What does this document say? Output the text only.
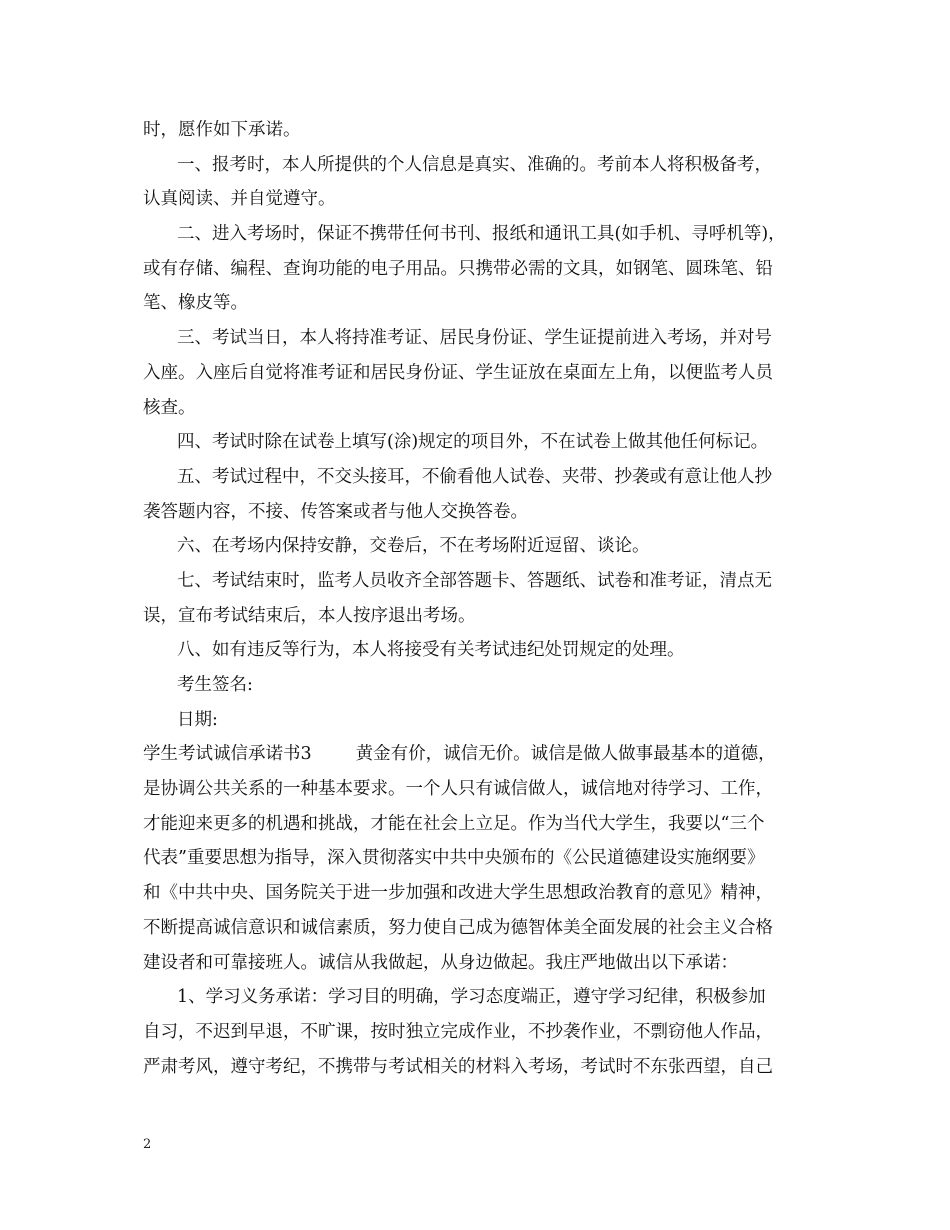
时，愿作如下承诺。
一、报考时，本人所提供的个人信息是真实、准确的。考前本人将积极备考，
认真阅读、并自觉遵守。
二、进入考场时，保证不携带任何书刊、报纸和通讯工具(如手机、寻呼机等)，
或有存储、编程、查询功能的电子用品。只携带必需的文具，如钢笔、圆珠笔、铅
笔、橡皮等。
三、考试当日，本人将持准考证、居民身份证、学生证提前进入考场，并对号
入座。入座后自觉将准考证和居民身份证、学生证放在桌面左上角，以便监考人员
核查。
四、考试时除在试卷上填写(涂)规定的项目外，不在试卷上做其他任何标记。
五、考试过程中，不交头接耳，不偷看他人试卷、夹带、抄袭或有意让他人抄
袭答题内容，不接、传答案或者与他人交换答卷。
六、在考场内保持安静，交卷后，不在考场附近逗留、谈论。
七、考试结束时，监考人员收齐全部答题卡、答题纸、试卷和准考证，清点无
误，宣布考试结束后，本人按序退出考场。
八、如有违反等行为，本人将接受有关考试违纪处罚规定的处理。
考生签名:
日期:
学生考试诚信承诺书3	黄金有价，诚信无价。诚信是做人做事最基本的道德，
是协调公共关系的一种基本要求。一个人只有诚信做人，诚信地对待学习、工作，
才能迎来更多的机遇和挑战，才能在社会上立足。作为当代大学生，我要以“三个
代表”重要思想为指导，深入贯彻落实中共中央颁布的《公民道德建设实施纲要》
和《中共中央、国务院关于进一步加强和改进大学生思想政治教育的意见》精神，
不断提高诚信意识和诚信素质，努力使自己成为德智体美全面发展的社会主义合格
建设者和可靠接班人。诚信从我做起，从身边做起。我庄严地做出以下承诺：
1、学习义务承诺：学习目的明确，学习态度端正，遵守学习纪律，积极参加
自习，不迟到早退，不旷课，按时独立完成作业，不抄袭作业，不剽窃他人作品，
严肃考风，遵守考纪，不携带与考试相关的材料入考场，考试时不东张西望，自己
2
